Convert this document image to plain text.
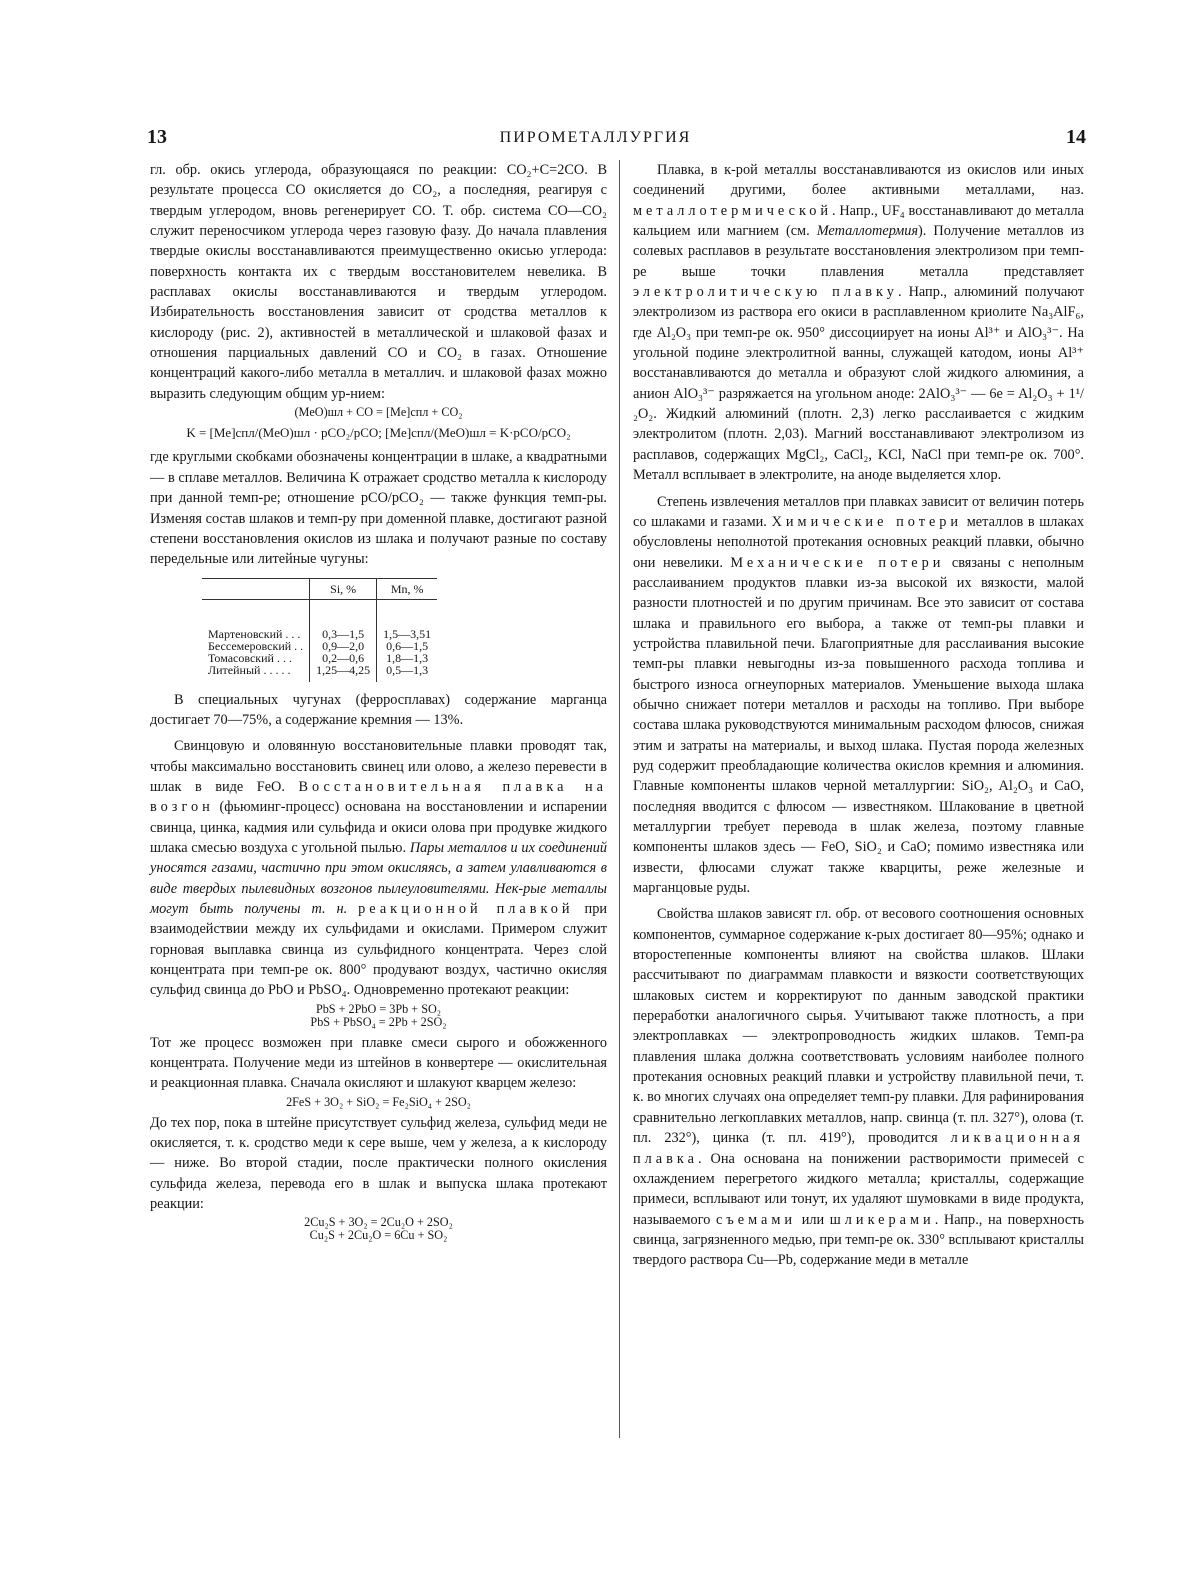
13	ПИРОМЕТАЛЛУРГИЯ	14

гл. обр. окись углерода, образующаяся по реакции: CO₂+C=2CO. В результате процесса CO окисляется до CO₂, а последняя, реагируя с твердым углеродом, вновь регенерирует CO. Т. обр. система CO—CO₂ служит переносчиком углерода через газовую фазу. До начала плавления твердые окислы восстанавливаются преимущественно окисью углерода: поверхность контакта их с твердым восстановителем невелика. В расплавах окислы восстанавливаются и твердым углеродом. Избирательность восстановления зависит от сродства металлов к кислороду (рис. 2), активностей в металлической и шлаковой фазах и отношения парциальных давлений CO и CO₂ в газах. Отношение концентраций какого-либо металла в металлич. и шлаковой фазах можно выразить следующим общим ур-нием:

(MeO)шл + CO = [Me]спл + CO₂
K = [Me]спл/(MeO)шл · pCO₂/pCO; [Me]спл/(MeO)шл = K·pCO/pCO₂

где круглыми скобками обозначены концентрации в шлаке, а квадратными — в сплаве металлов. Величина K отражает сродство металла к кислороду при данной темп-ре; отношение pCO/pCO₂ — также функция темп-ры. Изменяя состав шлаков и темп-ру при доменной плавке, достигают разной степени восстановления окислов из шлака и получают разные по составу передельные или литейные чугуны:

	Si, %	Mn, %
Мартеновский . . .	0,3—1,5	1,5—3,51
Бессемеровский . .	0,9—2,0	0,6—1,5
Томасовский . . .	0,2—0,6	1,8—1,3
Литейный . . . . .	1,25—4,25	0,5—1,3

В специальных чугунах (ферросплавах) содержание марганца достигает 70—75%, а содержание кремния — 13%.

Свинцовую и оловянную восстановительные плавки проводят так, чтобы максимально восстановить свинец или олово, а железо перевести в шлак в виде FeO. Восстановительная плавка на возгон (фьюминг-процесс) основана на восстановлении и испарении свинца, цинка, кадмия или сульфида и окиси олова при продувке жидкого шлака смесью воздуха с угольной пылью. Пары металлов и их соединений уносятся газами, частично при этом окисляясь, а затем улавливаются в виде твердых пылевидных возгонов пылеуловителями. Нек-рые металлы могут быть получены т. н. реакционной плавкой при взаимодействии между их сульфидами и окислами. Примером служит горновая выплавка свинца из сульфидного концентрата. Через слой концентрата при темп-ре ок. 800° продувают воздух, частично окисляя сульфид свинца до PbO и PbSO₄. Одновременно протекают реакции:

PbS + 2PbO = 3Pb + SO₂
PbS + PbSO₄ = 2Pb + 2SO₂

Тот же процесс возможен при плавке смеси сырого и обожженного концентрата. Получение меди из штейнов в конвертере — окислительная и реакционная плавка. Сначала окисляют и шлакуют кварцем железо:

2FeS + 3O₂ + SiO₂ = Fe₂SiO₄ + 2SO₂

До тех пор, пока в штейне присутствует сульфид железа, сульфид меди не окисляется, т. к. сродство меди к сере выше, чем у железа, а к кислороду — ниже. Во второй стадии, после практически полного окисления сульфида железа, перевода его в шлак и выпуска шлака протекают реакции:

2Cu₂S + 3O₂ = 2Cu₂O + 2SO₂
Cu₂S + 2Cu₂O = 6Cu + SO₂

Плавка, в к-рой металлы восстанавливаются из окислов или иных соединений другими, более активными металлами, наз. металлотермической. Напр., UF₄ восстанавливают до металла кальцием или магнием (см. Металлотермия). Получение металлов из солевых расплавов в результате восстановления электролизом при темп-ре выше точки плавления металла представляет электролитическую плавку. Напр., алюминий получают электролизом из раствора его окиси в расплавленном криолите Na₃AlF₆, где Al₂O₃ при темп-ре ок. 950° диссоциирует на ионы Al³⁺ и AlO₃³⁻. На угольной подине электролитной ванны, служащей катодом, ионы Al³⁺ восстанавливаются до металла и образуют слой жидкого алюминия, а анион AlO₃³⁻ разряжается на угольном аноде: 2AlO₃³⁻ — 6e = Al₂O₃ + 1¹/₂O₂. Жидкий алюминий (плотн. 2,3) легко расслаивается с жидким электролитом (плотн. 2,03). Магний восстанавливают электролизом из расплавов, содержащих MgCl₂, CaCl₂, KCl, NaCl при темп-ре ок. 700°. Металл всплывает в электролите, на аноде выделяется хлор.

Степень извлечения металлов при плавках зависит от величин потерь со шлаками и газами. Химические потери металлов в шлаках обусловлены неполнотой протекания основных реакций плавки, обычно они невелики. Механические потери связаны с неполным расслаиванием продуктов плавки из-за высокой их вязкости, малой разности плотностей и по другим причинам. Все это зависит от состава шлака и правильного его выбора, а также от темп-ры плавки и устройства плавильной печи. Благоприятные для расслаивания высокие темп-ры плавки невыгодны из-за повышенного расхода топлива и быстрого износа огнеупорных материалов. Уменьшение выхода шлака обычно снижает потери металлов и расходы на топливо. При выборе состава шлака руководствуются минимальным расходом флюсов, снижая этим и затраты на материалы, и выход шлака. Пустая порода железных руд содержит преобладающие количества окислов кремния и алюминия. Главные компоненты шлаков черной металлургии: SiO₂, Al₂O₃ и CaO, последняя вводится с флюсом — известняком. Шлакование в цветной металлургии требует перевода в шлак железа, поэтому главные компоненты шлаков здесь — FeO, SiO₂ и CaO; помимо известняка или извести, флюсами служат также кварциты, реже железные и марганцовые руды.

Свойства шлаков зависят гл. обр. от весового соотношения основных компонентов, суммарное содержание к-рых достигает 80—95%; однако и второстепенные компоненты влияют на свойства шлаков. Шлаки рассчитывают по диаграммам плавкости и вязкости соответствующих шлаковых систем и корректируют по данным заводской практики переработки аналогичного сырья. Учитывают также плотность, а при электроплавках — электропроводность жидких шлаков. Темп-ра плавления шлака должна соответствовать условиям наиболее полного протекания основных реакций плавки и устройству плавильной печи, т. к. во многих случаях она определяет темп-ру плавки. Для рафинирования сравнительно легкоплавких металлов, напр. свинца (т. пл. 327°), олова (т. пл. 232°), цинка (т. пл. 419°), проводится ликвационная плавка. Она основана на понижении растворимости примесей с охлаждением перегретого жидкого металла; кристаллы, содержащие примеси, всплывают или тонут, их удаляют шумовками в виде продукта, называемого съемами или шликерами. Напр., на поверхность свинца, загрязненного медью, при темп-ре ок. 330° всплывают кристаллы твердого раствора Cu—Pb, содержание меди в металле
